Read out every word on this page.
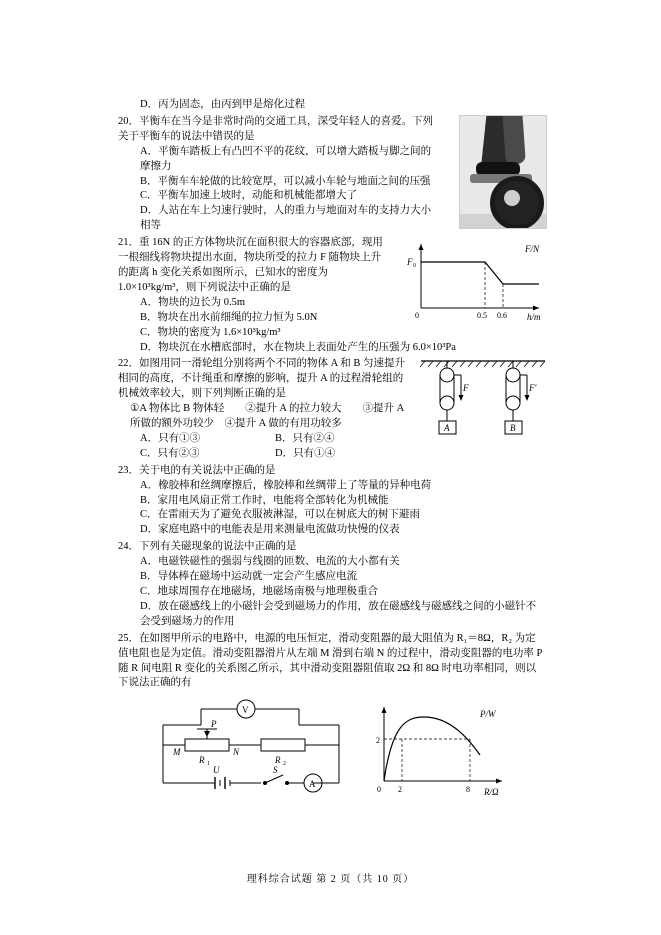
D．丙为固态，由丙到甲是熔化过程
20．平衡车在当今是非常时尚的交通工具，深受年轻人的喜爱。下列关于平衡车的说法中错误的是
A．平衡车踏板上有凸凹不平的花纹，可以增大踏板与脚之间的摩擦力
B．平衡车车轮做的比较宽厚，可以减小车轮与地面之间的压强
C．平衡车加速上坡时，动能和机械能都增大了
D．人站在车上匀速行驶时，人的重力与地面对车的支持力大小相等
F/N
h/m
F 0
0	0.5 0.6
21．重 16N 的正方体物块沉在面积很大的容器底部，现用一根细线将物块提出水面，物块所受的拉力 F 随物块上升的距离 h 变化关系如图所示，已知水的密度为 1.0×10³kg/m³，则下列说法中正确的是
A．物块的边长为 0.5m
B．物块在出水前细绳的拉力恒为 5.0N
C．物块的密度为 1.6×10³kg/m³
D．物块沉在水槽底部时，水在物块上表面处产生的压强为 6.0×10³Pa
F
A
F′
B
22．如图用同一滑轮组分别将两个不同的物体 A 和 B 匀速提升相同的高度，不计绳重和摩擦的影响，提升 A 的过程滑轮组的机械效率较大，则下列判断正确的是
①A 物体比 B 物体轻        ②提升 A 的拉力较大        ③提升 A 所做的额外功较少    ④提升 A 做的有用功较多
A．只有①③	B．只有②④
C．只有②③	D．只有①④
23．关于电的有关说法中正确的是
A．橡胶棒和丝绸摩擦后，橡胶棒和丝绸带上了等量的异种电荷
B．家用电风扇正常工作时，电能将全部转化为机械能
C．在雷雨天为了避免衣服被淋湿，可以在树底大的树下避雨
D．家庭电路中的电能表是用来测量电流做功快慢的仪表
24．下列有关磁现象的说法中正确的是
A．电磁铁磁性的强弱与线圈的匝数、电流的大小都有关
B．导体棒在磁场中运动就一定会产生感应电流
C．地球周围存在地磁场，地磁场南极与地理极重合
D．放在磁感线上的小磁针会受到磁场力的作用，放在磁感线与磁感线之间的小磁针不会受到磁场力的作用
25．在如图甲所示的电路中，电源的电压恒定，滑动变阻器的最大阻值为 R₁＝8Ω，R₂ 为定值电阻也是为定值。滑动变阻器滑片从左端 M 滑到右端 N 的过程中，滑动变阻器的电功率 P 随 R 间电阻 R 变化的关系图乙所示，其中滑动变阻器阻值取 2Ω 和 8Ω 时电功率相同，则以下说法正确的有
V
P
M	N
R 1	R 2
U	S
A
P/W
R/Ω
2
0 2	8
理科综合试题 第 2 页（共 10 页）
